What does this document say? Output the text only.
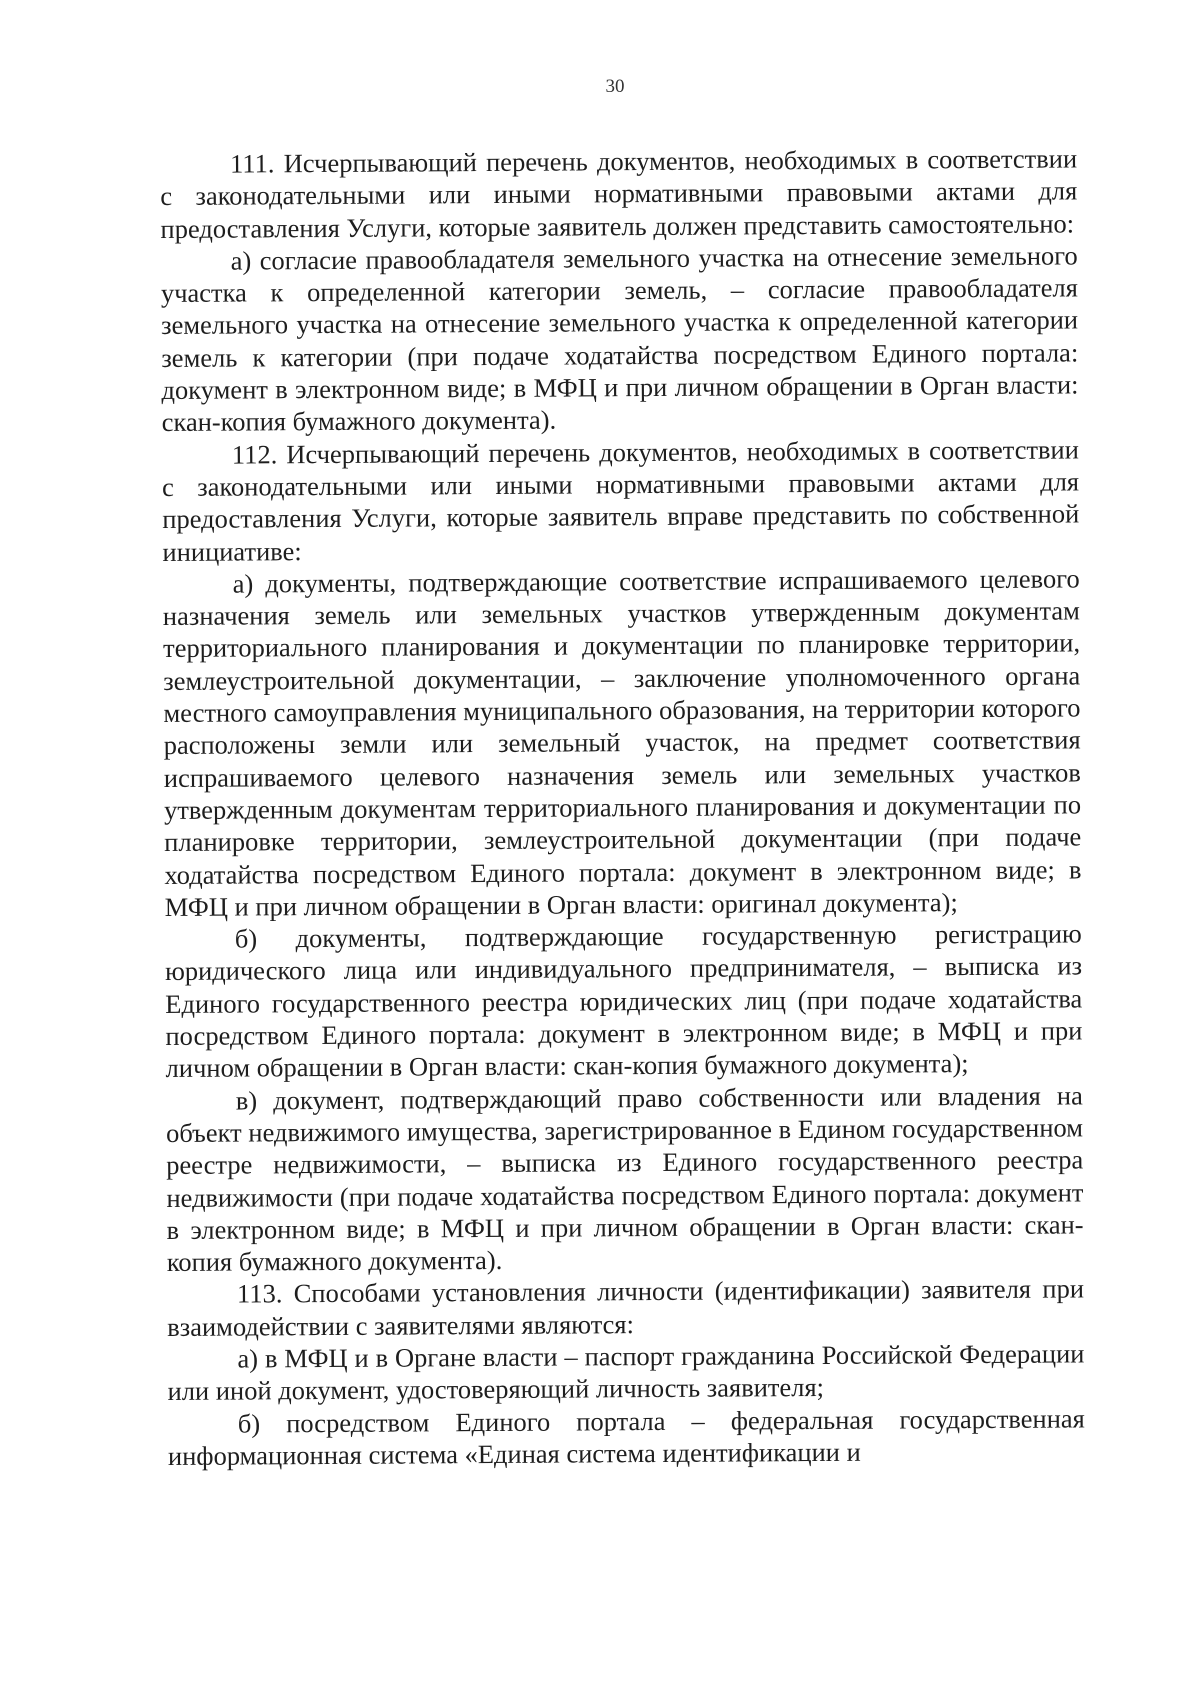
30

111. Исчерпывающий перечень документов, необходимых в соответствии с законодательными или иными нормативными правовыми актами для предоставления Услуги, которые заявитель должен представить самостоятельно:

а) согласие правообладателя земельного участка на отнесение земельного участка к определенной категории земель, – согласие правообладателя земельного участка на отнесение земельного участка к определенной категории земель к категории (при подаче ходатайства посредством Единого портала: документ в электронном виде; в МФЦ и при личном обращении в Орган власти: скан-копия бумажного документа).

112. Исчерпывающий перечень документов, необходимых в соответствии с законодательными или иными нормативными правовыми актами для предоставления Услуги, которые заявитель вправе представить по собственной инициативе:

а) документы, подтверждающие соответствие испрашиваемого целевого назначения земель или земельных участков утвержденным документам территориального планирования и документации по планировке территории, землеустроительной документации, – заключение уполномоченного органа местного самоуправления муниципального образования, на территории которого расположены земли или земельный участок, на предмет соответствия испрашиваемого целевого назначения земель или земельных участков утвержденным документам территориального планирования и документации по планировке территории, землеустроительной документации (при подаче ходатайства посредством Единого портала: документ в электронном виде; в МФЦ и при личном обращении в Орган власти: оригинал документа);

б) документы, подтверждающие государственную регистрацию юридического лица или индивидуального предпринимателя, – выписка из Единого государственного реестра юридических лиц (при подаче ходатайства посредством Единого портала: документ в электронном виде; в МФЦ и при личном обращении в Орган власти: скан-копия бумажного документа);

в) документ, подтверждающий право собственности или владения на объект недвижимого имущества, зарегистрированное в Едином государственном реестре недвижимости, – выписка из Единого государственного реестра недвижимости (при подаче ходатайства посредством Единого портала: документ в электронном виде; в МФЦ и при личном обращении в Орган власти: скан-копия бумажного документа).

113. Способами установления личности (идентификации) заявителя при взаимодействии с заявителями являются:

а) в МФЦ и в Органе власти – паспорт гражданина Российской Федерации или иной документ, удостоверяющий личность заявителя;

б) посредством Единого портала – федеральная государственная информационная система «Единая система идентификации и
